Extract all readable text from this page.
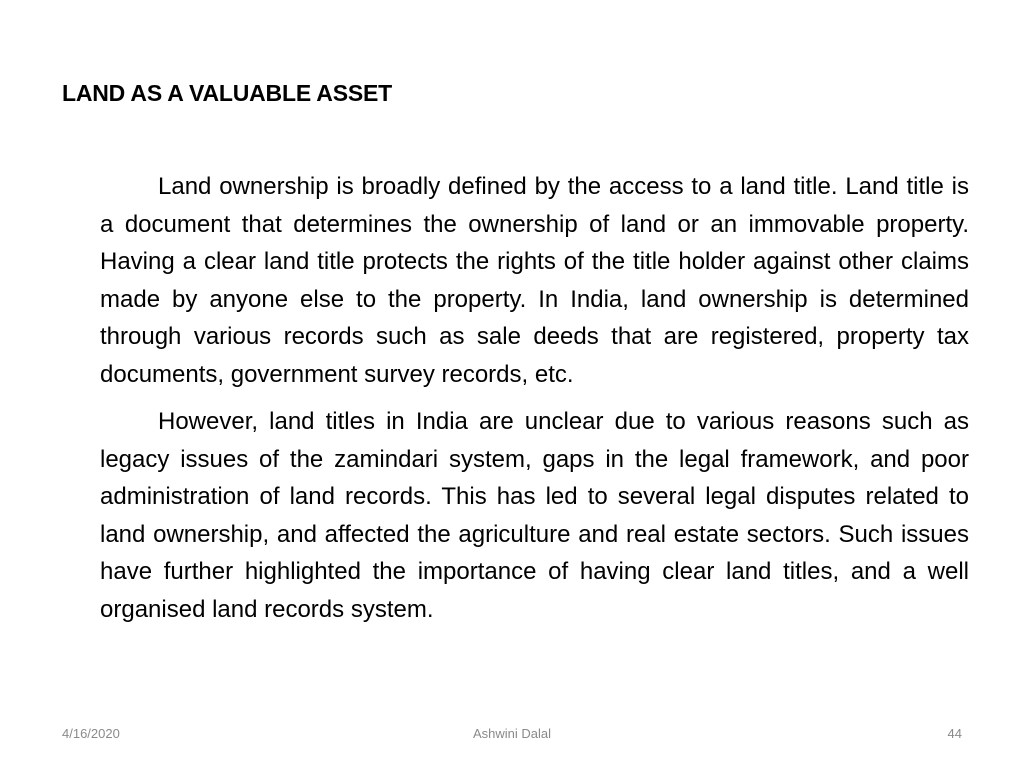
LAND AS A VALUABLE ASSET

Land ownership is broadly defined by the access to a land title. Land title is a document that determines the ownership of land or an immovable property. Having a clear land title protects the rights of the title holder against other claims made by anyone else to the property. In India, land ownership is determined through various records such as sale deeds that are registered, property tax documents, government survey records, etc.

However, land titles in India are unclear due to various reasons such as legacy issues of the zamindari system, gaps in the legal framework, and poor administration of land records. This has led to several legal disputes related to land ownership, and affected the agriculture and real estate sectors. Such issues have further highlighted the importance of having clear land titles, and a well organised land records system.

4/16/2020	Ashwini Dalal	44
